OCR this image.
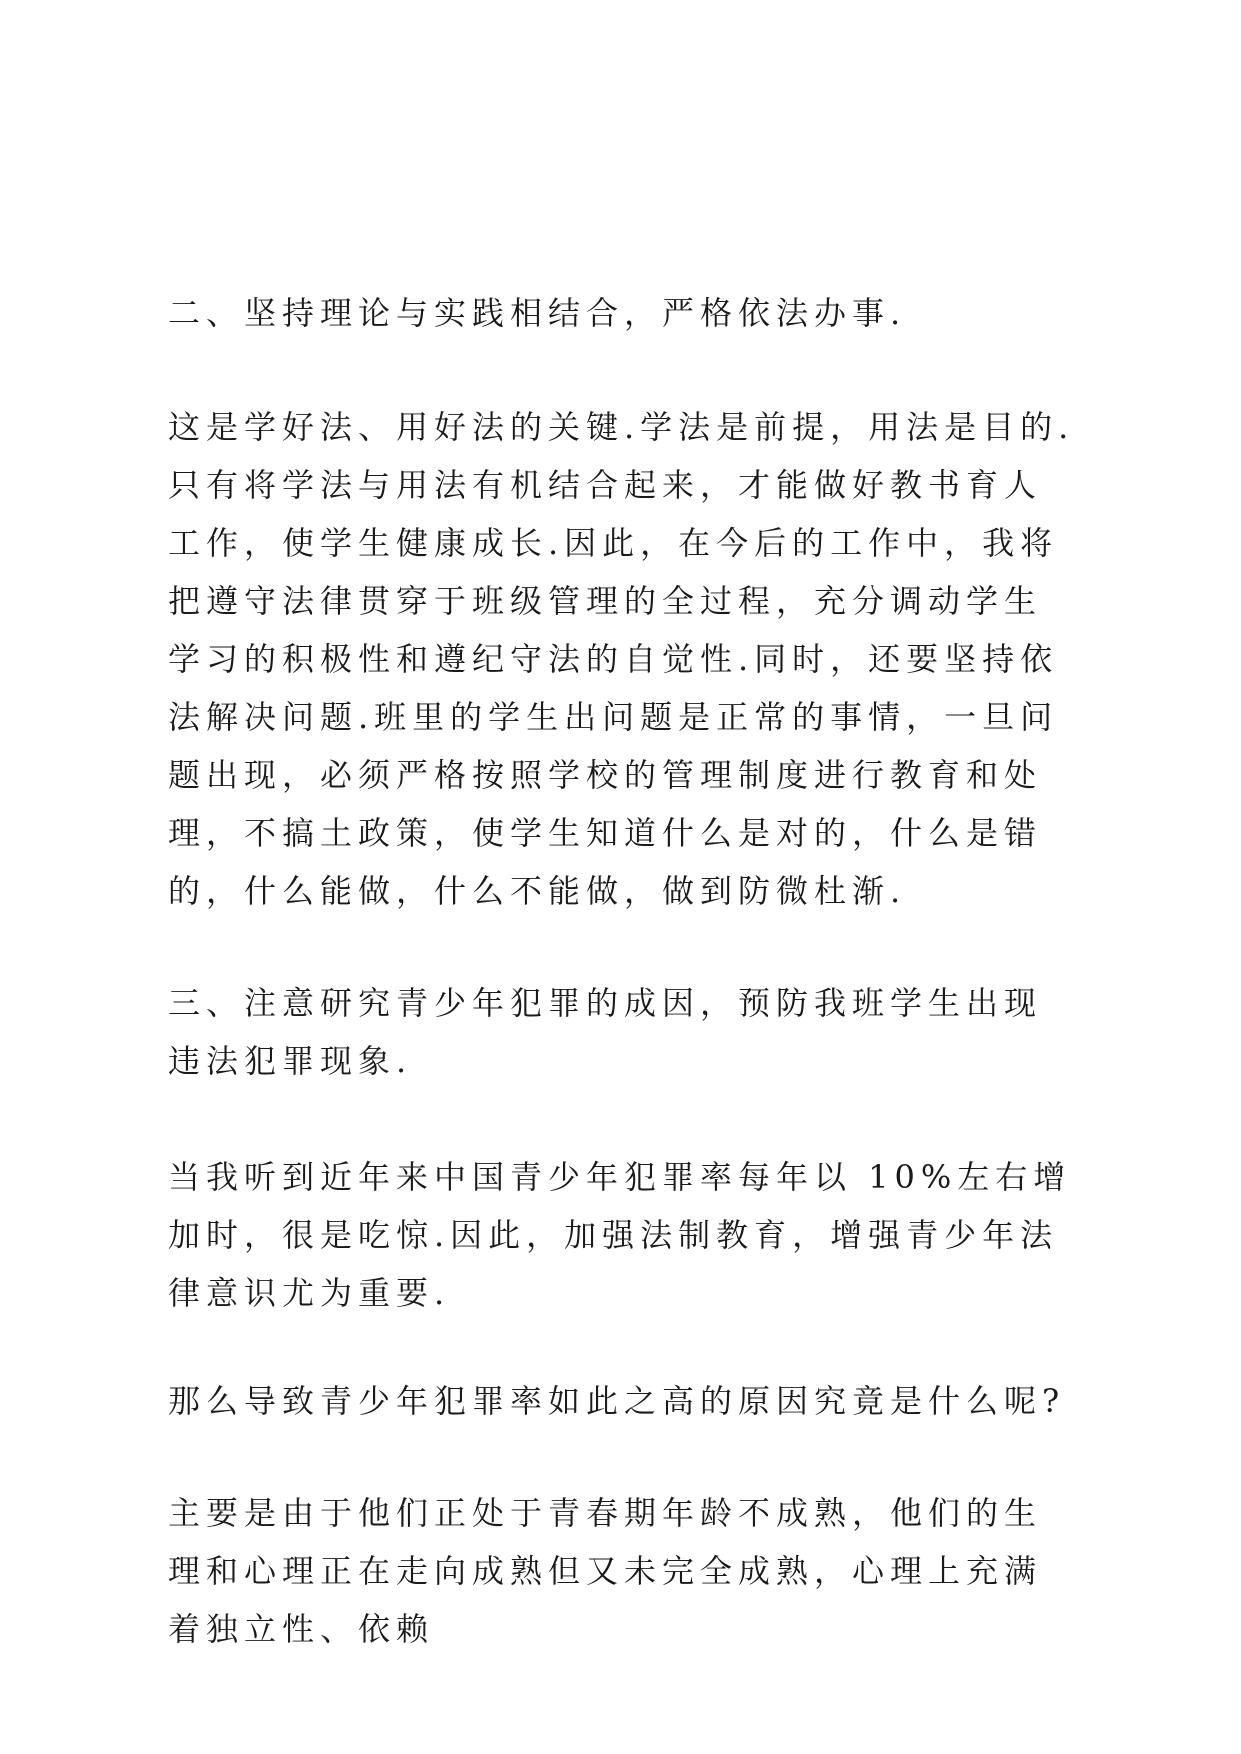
二、坚持理论与实践相结合，严格依法办事.

这是学好法、用好法的关键.学法是前提，用法是目的.只有将学法与用法有机结合起来，才能做好教书育人工作，使学生健康成长.因此，在今后的工作中，我将把遵守法律贯穿于班级管理的全过程，充分调动学生学习的积极性和遵纪守法的自觉性.同时，还要坚持依法解决问题.班里的学生出问题是正常的事情，一旦问题出现，必须严格按照学校的管理制度进行教育和处理，不搞土政策，使学生知道什么是对的，什么是错的，什么能做，什么不能做，做到防微杜渐.

三、注意研究青少年犯罪的成因，预防我班学生出现违法犯罪现象.

当我听到近年来中国青少年犯罪率每年以 10%左右增加时，很是吃惊.因此，加强法制教育，增强青少年法律意识尤为重要.

那么导致青少年犯罪率如此之高的原因究竟是什么呢?

主要是由于他们正处于青春期年龄不成熟，他们的生理和心理正在走向成熟但又未完全成熟，心理上充满着独立性、依赖
